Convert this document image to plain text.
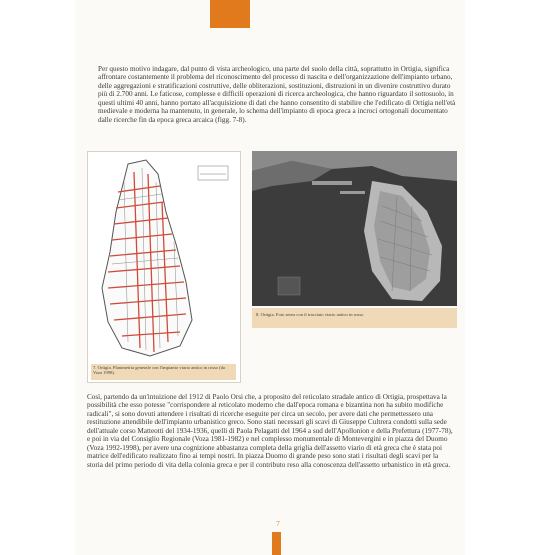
Per questo motivo indagare, dal punto di vista archeologico, una parte del suolo della città, soprattutto in Ortigia, significa affrontare costantemente il problema del riconoscimento del processo di nascita e dell'organizzazione dell'impianto urbano, delle aggregazioni e stratificazioni costruttive, delle obliterazioni, sostituzioni, distruzioni in un divenire costruttivo durato più di 2.700 anni. Le faticose, complesse e difficili operazioni di ricerca archeologica, che hanno riguardato il sottosuolo, in questi ultimi 40 anni, hanno portato all'acquisizione di dati che hanno consentito di stabilire che l'edificato di Ortigia nell'età medievale e moderna ha mantenuto, in generale, lo schema dell'impianto di epoca greca a incroci ortogonali documentato dalle ricerche fin da epoca greca arcaica (figg. 7-8).

7. Ortigia. Planimetria generale con l'impianto viario antico in rosso (da Voza 1998).
8. Ortigia. Foto aerea con il tracciato viario antico in rosso

Così, partendo da un'intuizione del 1912 di Paolo Orsi che, a proposito del reticolato stradale antico di Ortigia, prospettava la possibilità che esso potesse "corrispondere al reticolato moderno che dall'epoca romana e bizantina non ha subito modifiche radicali", si sono dovuti attendere i risultati di ricerche eseguite per circa un secolo, per avere dati che permettessero una restituzione attendibile dell'impianto urbanistico greco. Sono stati necessari gli scavi di Giuseppe Cultrera condotti sulla sede dell'attuale corso Matteotti del 1934-1936, quelli di Paola Pelagatti del 1964 a sud dell'Apollonion e della Prefettura (1977-78), e poi in via del Consiglio Regionale (Voza 1981-1982) e nel complesso monumentale di Montevergini e in piazza del Duomo (Voza 1992-1998), per avere una cognizione abbastanza completa della griglia dell'assetto viario di età greca che è stata poi matrice dell'edificato realizzato fino ai tempi nostri. In piazza Duomo di grande peso sono stati i risultati degli scavi per la storia del primo periodo di vita della colonia greca e per il contributo reso alla conoscenza dell'assetto urbanistico in età greca.

7
